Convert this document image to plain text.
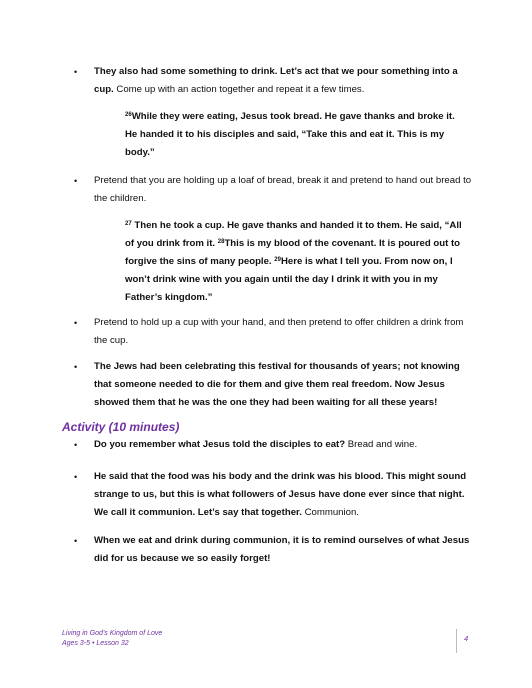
• They also had some something to drink. Let’s act that we pour something into a cup. Come up with an action together and repeat it a few times.
$^{26}$While they were eating, Jesus took bread. He gave thanks and broke it. He handed it to his disciples and said, “Take this and eat it. This is my body.”
• Pretend that you are holding up a loaf of bread, break it and pretend to hand out bread to the children.
$^{27}$ Then he took a cup. He gave thanks and handed it to them. He said, “All of you drink from it. $^{28}$This is my blood of the covenant. It is poured out to forgive the sins of many people. $^{29}$Here is what I tell you. From now on, I won’t drink wine with you again until the day I drink it with you in my Father’s kingdom.”
• Pretend to hold up a cup with your hand, and then pretend to offer children a drink from the cup.
• The Jews had been celebrating this festival for thousands of years; not knowing that someone needed to die for them and give them real freedom. Now Jesus showed them that he was the one they had been waiting for all these years!
Activity (10 minutes)
• Do you remember what Jesus told the disciples to eat? Bread and wine.
• He said that the food was his body and the drink was his blood. This might sound strange to us, but this is what followers of Jesus have done ever since that night. We call it communion. Let’s say that together. Communion.
• When we eat and drink during communion, it is to remind ourselves of what Jesus did for us because we so easily forget!
Living in God’s Kingdom of Love
Ages 3-5 • Lesson 32
4
